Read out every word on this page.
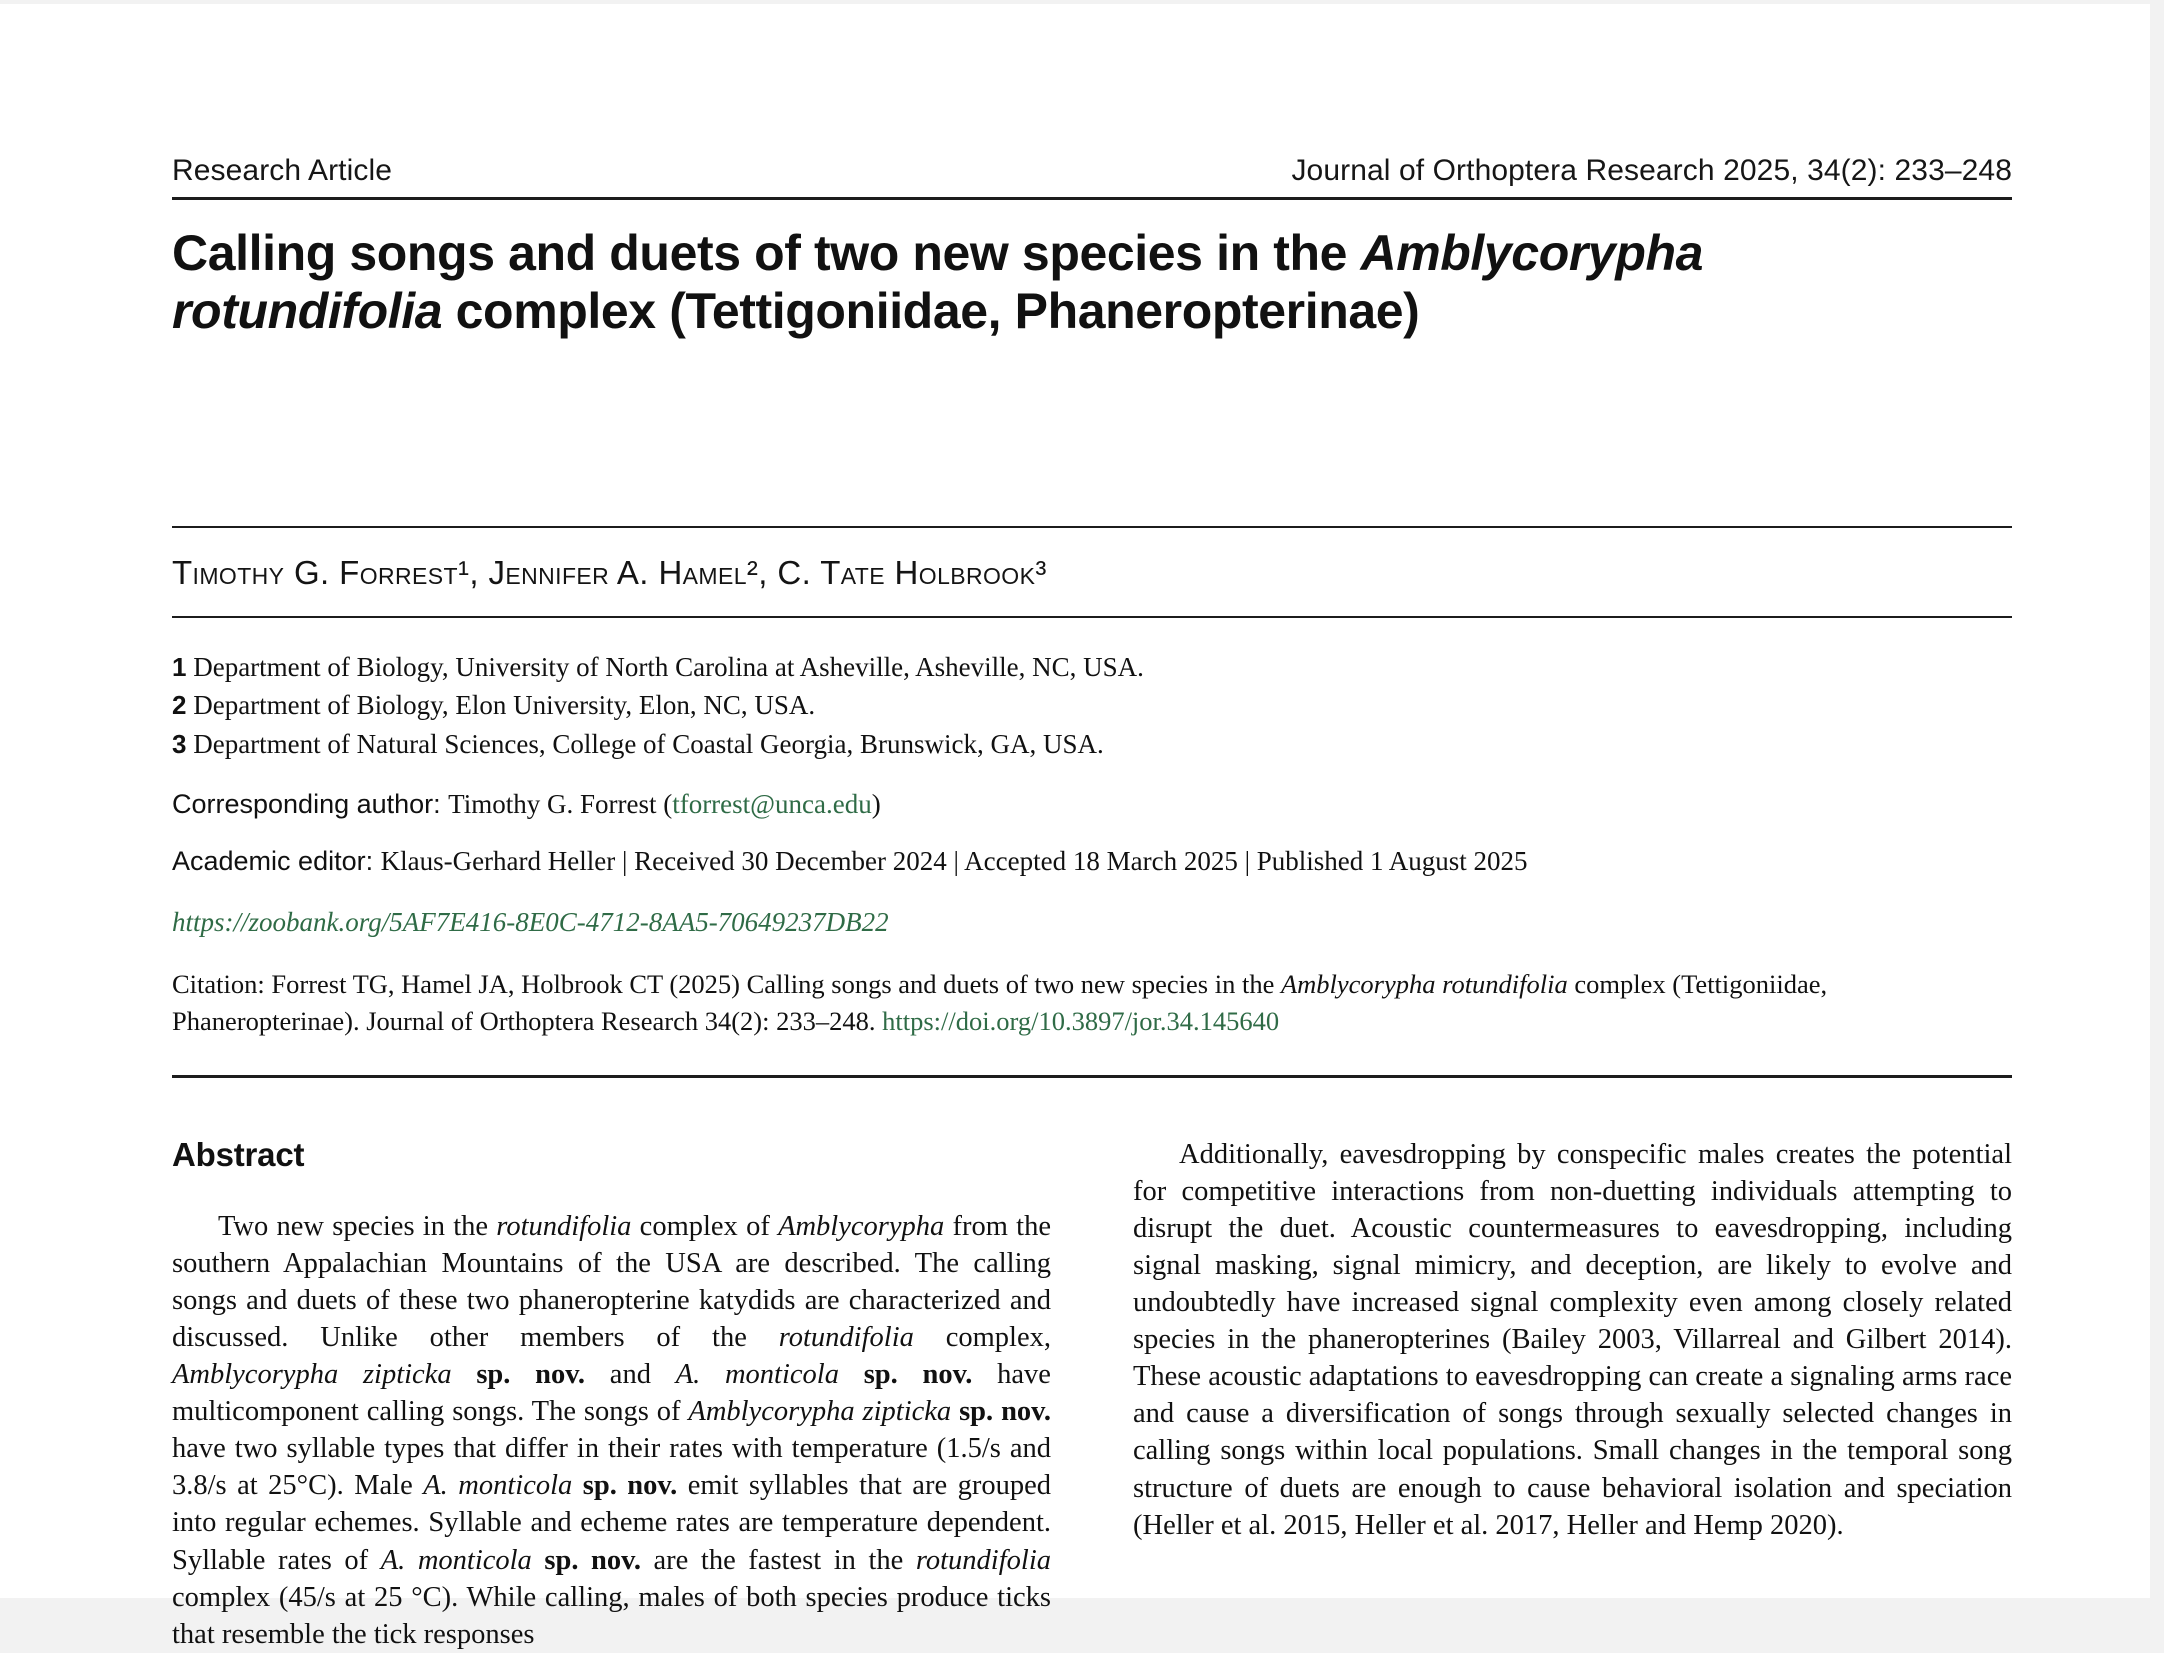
Research Article	Journal of Orthoptera Research 2025, 34(2): 233–248
Calling songs and duets of two new species in the Amblycorypha rotundifolia complex (Tettigoniidae, Phaneropterinae)
Timothy G. Forrest¹, Jennifer A. Hamel², C. Tate Holbrook³
1 Department of Biology, University of North Carolina at Asheville, Asheville, NC, USA.
2 Department of Biology, Elon University, Elon, NC, USA.
3 Department of Natural Sciences, College of Coastal Georgia, Brunswick, GA, USA.
Corresponding author: Timothy G. Forrest (tforrest@unca.edu)
Academic editor: Klaus-Gerhard Heller | Received 30 December 2024 | Accepted 18 March 2025 | Published 1 August 2025
https://zoobank.org/5AF7E416-8E0C-4712-8AA5-70649237DB22
Citation: Forrest TG, Hamel JA, Holbrook CT (2025) Calling songs and duets of two new species in the Amblycorypha rotundifolia complex (Tettigoniidae, Phaneropterinae). Journal of Orthoptera Research 34(2): 233–248. https://doi.org/10.3897/jor.34.145640
Abstract

Two new species in the rotundifolia complex of Amblycorypha from the southern Appalachian Mountains of the USA are described. The calling songs and duets of these two phaneropterine katydids are characterized and discussed. Unlike other members of the rotundifolia complex, Amblycorypha zipticka sp. nov. and A. monticola sp. nov. have multicomponent calling songs. The songs of Amblycorypha zipticka sp. nov. have two syllable types that differ in their rates with temperature (1.5/s and 3.8/s at 25°C). Male A. monticola sp. nov. emit syllables that are grouped into regular echemes. Syllable and echeme rates are temperature dependent. Syllable rates of A. monticola sp. nov. are the fastest in the rotundifolia complex (45/s at 25 °C). While calling, males of both species produce ticks that resemble the tick responses

Additionally, eavesdropping by conspecific males creates the potential for competitive interactions from non-duetting individuals attempting to disrupt the duet. Acoustic countermeasures to eavesdropping, including signal masking, signal mimicry, and deception, are likely to evolve and undoubtedly have increased signal complexity even among closely related species in the phaneropterines (Bailey 2003, Villarreal and Gilbert 2014). These acoustic adaptations to eavesdropping can create a signaling arms race and cause a diversification of songs through sexually selected changes in calling songs within local populations. Small changes in the temporal song structure of duets are enough to cause behavioral isolation and speciation (Heller et al. 2015, Heller et al. 2017, Heller and Hemp 2020).
